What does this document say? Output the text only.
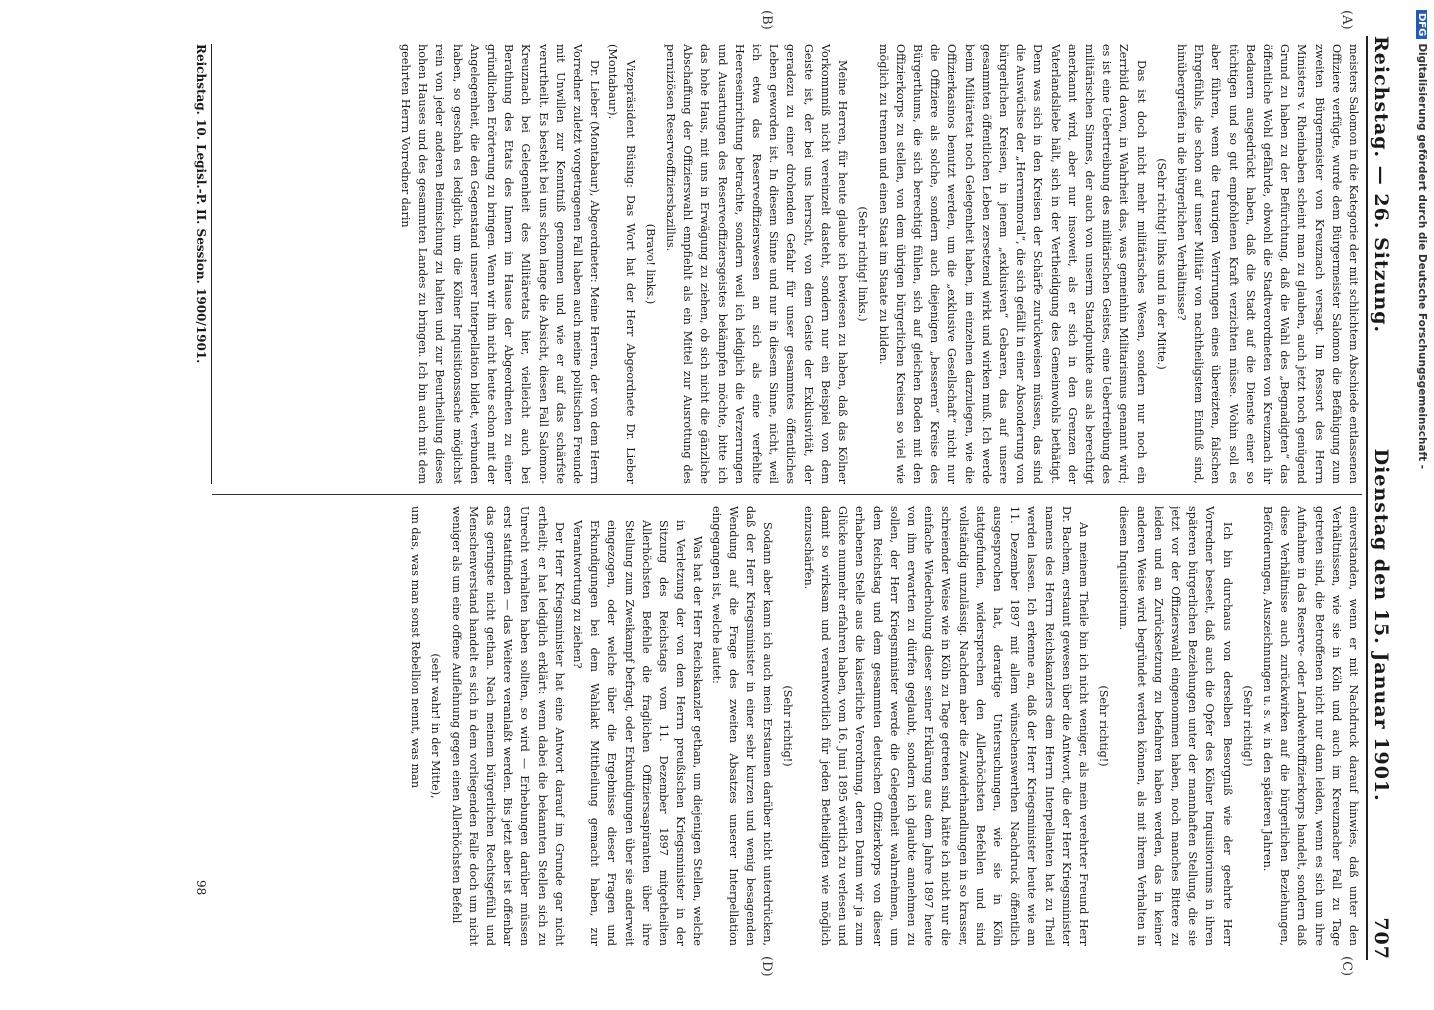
Reichstag. — 26. Sitzung.
Dienstag den 15. Januar 1901.
707
(A)
(B)
(C)
(D)

meisters Salomon in die Kategorie der mit schlichtem Abschiede entlassenen Offiziere verfügte, wurde dem Bürgermeister Salomon die Befähigung zum zweiten Bürgermeister von Kreuznach versagt. Im Ressort des Herrn Ministers v. Rheinbaben scheint man zu glauben, auch jetzt noch genügend Grund zu haben zu der Befürchtung, daß die Wahl des „Begnadigten“ das öffentliche Wohl gefährde, obwohl die Stadtverordneten von Kreuznach ihr Bedauern ausgedrückt haben, daß die Stadt auf die Dienste einer so tüchtigen und so gut empfohlenen Kraft verzichten müsse. Wohin soll es aber führen, wenn die traurigen Verirrungen eines übereizten, falschen Ehrgefühls, die schon auf unser Militär von nachtheiligstem Einfluß sind, hinübergreifen in die bürgerlichen Verhältnisse?

(Sehr richtig! links und in der Mitte.)

Das ist doch nicht mehr militärisches Wesen, sondern nur noch ein Zerrbild davon, in Wahrheit das, was gemeinhin Militarismus genannt wird; es ist eine Uebertreibung des militärischen Geistes, eine Uebertreibung des militärischen Sinnes, der auch von unserm Standpunkte aus als berechtigt anerkannt wird, aber nur insoweit, als er sich in den Grenzen der Vaterlandsliebe hält, sich in der Vertheidigung des Gemeinwohls bethätigt. Denn was sich in den Kreisen der Schärfe zurückweisen müssen, das sind die Auswüchse der „Herrenmoral“, die sich gefällt in einer Absonderung von bürgerlichen Kreisen, in jenem „exklusiven“ Gebaren, das auf unsere gesammten öffentlichen Leben zersetzend wirkt und wirken muß. Ich werde beim Militäretat noch Gelegenheit haben, im einzelnen darzulegen, wie die Offizierkasinos benutzt werden, um die „exklusive Gesellschaft“ nicht nur die Offiziere als solche, sondern auch diejenigen „besseren“ Kreise des Bürgerthums, die sich berechtigt fühlen, sich auf gleichen Boden mit den Offizierkorps zu stellen, von dem übrigen bürgerlichen Kreisen so viel wie möglich zu trennen und einen Staat im Staate zu bilden.

(Sehr richtig! links.)

Meine Herren, für heute glaube ich bewiesen zu haben, daß das Kölner Vorkommniß nicht vereinzelt dasteht, sondern nur ein Beispiel von dem Geiste ist, der bei uns herrscht, von dem Geiste der Exklusivität, der geradezu zu einer drohenden Gefahr für unser gesammtes öffentliches Leben geworden ist. In diesem Sinne und nur in diesem Sinne, nicht, weil ich etwa das Reserveoffizierswesen an sich als eine verfehlte Heereseinrichtung betrachte, sondern weil ich lediglich die Verzerrungen und Ausartungen des Reserveoffiziersgeistes bekämpfen möchte, bitte ich das hohe Haus, mit uns in Erwägung zu ziehen, ob sich nicht die gänzliche Abschaffung der Offizierswahl empfiehlt als ein Mittel zur Ausrottung des perniziösen Reserveoffiziersbazillus.

(Bravo! links.)

Vizepräsident Büsing: Das Wort hat der Herr Abgeordnete Dr. Lieber (Montabaur).

Dr. Lieber (Montabaur), Abgeordneter: Meine Herren, der von dem Herrn Vorredner zuletzt vorgetragenen Fall haben auch meine politischen Freunde mit Unwillen zur Kenntniß genommen und wie er auf das schärfste verurtheilt. Es besteht bei uns schon lange die Absicht, diesen Fall Salomon-Kreuznach bei Gelegenheit des Militäretats hier, vielleicht auch bei Berathung des Etats des Innern im Hause der Abgeordneten zu einer gründlichen Erörterung zu bringen. Wenn wir ihn nicht heute schon mit der Angelegenheit, die den Gegenstand unserer Interpellation bildet, verbunden haben, so geschah es lediglich, um die Kölner Inquisitionssache möglichst rein von jeder anderen Beimischung zu halten und zur Beurtheilung dieses hohen Hauses und des gesammten Landes zu bringen. Ich bin auch mit dem geehrten Herrn Vorredner darin

einverstanden, wenn er mit Nachdruck darauf hinwies, daß unter den Verhältnissen, wie sie in Köln und auch im Kreuznacher Fall zu Tage getreten sind, die Betroffenen nicht nur dann leiden, wenn es sich um ihre Aufnahme in das Reserve- oder Landwehroffizierkorps handelt, sondern daß diese Verhältnisse auch zurückwirken auf die bürgerlichen Beziehungen, Beförderungen, Auszeichnungen u. s. w. in den späteren Jahren.

(Sehr richtig!)

Ich bin durchaus von derselben Besorgniß wie der geehrte Herr Vorredner beseelt, daß auch die Opfer des Kölner Inquisitoriums in ihren späteren bürgerlichen Beziehungen unter der mannhaften Stellung, die sie jetzt vor der Offizierswahl eingenommen haben, noch manches Bittere zu leiden und an Zurücksetzung zu befahren haben werden, das in keiner anderen Weise wird begründet werden können, als mit ihrem Verhalten in diesem Inquisitorium.

(Sehr richtig!)

An meinem Theile bin ich nicht weniger, als mein verehrter Freund Herr Dr. Bachem, erstaunt gewesen über die Antwort, die der Herr Kriegsminister namens des Herrn Reichskanzlers dem Herrn Interpellanten hat zu Theil werden lassen. Ich erkenne an, daß der Herr Kriegsminister heute wie am 11. Dezember 1897 mit allem wünschenswerthen Nachdruck öffentlich ausgesprochen hat, derartige Untersuchungen, wie sie in Köln stattgefunden, widersprechen den Allerhöchsten Befehlen und sind vollständig unzulässig. Nachdem aber die Zuwiderhandlungen in so krasser, schreiender Weise wie in Köln zu Tage getreten sind, hätte ich nicht nur die einfache Wiederholung dieser seiner Erklärung aus dem Jahre 1897 heute von ihm erwarten zu dürfen geglaubt, sondern ich glaubte annehmen zu sollen, der Herr Kriegsminister werde die Gelegenheit wahrnehmen, um dem Reichstag und dem gesammten deutschen Offizierkorps von dieser erhabenen Stelle aus die kaiserliche Verordnung, deren Datum wir ja zum Glücke nunmehr erfahren haben, vom 16. Juni 1895 wörtlich zu verlesen und damit so wirksam und verantwortlich für jeden Betheiligten wie möglich einzuschärfen.

(Sehr richtig!)

Sodann aber kann ich auch mein Erstaunen darüber nicht unterdrücken, daß der Herr Kriegsminister in einer sehr kurzen und wenig besagenden Wendung auf die Frage des zweiten Absatzes unserer Interpellation eingegangen ist, welche lautet:

Was hat der Herr Reichskanzler gethan, um diejenigen Stellen, welche in Verletzung der von dem Herrn preußischen Kriegsminister in der Sitzung des Reichstags vom 11. Dezember 1897 mitgetheilten Allerhöchsten Befehle die fraglichen Offiziersaspiranten über ihre Stellung zum Zweikampf befragt, oder Erkundigungen über sie anderweit eingezogen, oder welche über die Ergebnisse dieser Fragen und Erkundigungen bei dem Wahlakt Mittheilung gemacht haben, zur Verantwortung zu ziehen?

Der Herr Kriegsminister hat eine Antwort darauf im Grunde gar nicht ertheilt; er hat lediglich erklärt: wenn dabei die bekannten Stellen sich zu Unrecht verhalten haben sollten, so wird — Erhebungen darüber müssen erst stattfinden — das Weitere veranlaßt werden. Bis jetzt aber ist offenbar das geringste nicht gethan. Nach meinem bürgerlichen Rechtsgefühl und Menschenverstand handelt es sich in dem vorliegenden Falle doch um nicht weniger als um eine offene Auflehnung gegen einen Allerhöchsten Befehl

(sehr wahr! in der Mitte),

um das, was man sonst Rebellion nennt, was man

Reichstag. 10. Legisl.-P. II. Session. 1900/1901.
98
DFGDigitalisierung gefördert durch die Deutsche Forschungsgemeinschaft -
